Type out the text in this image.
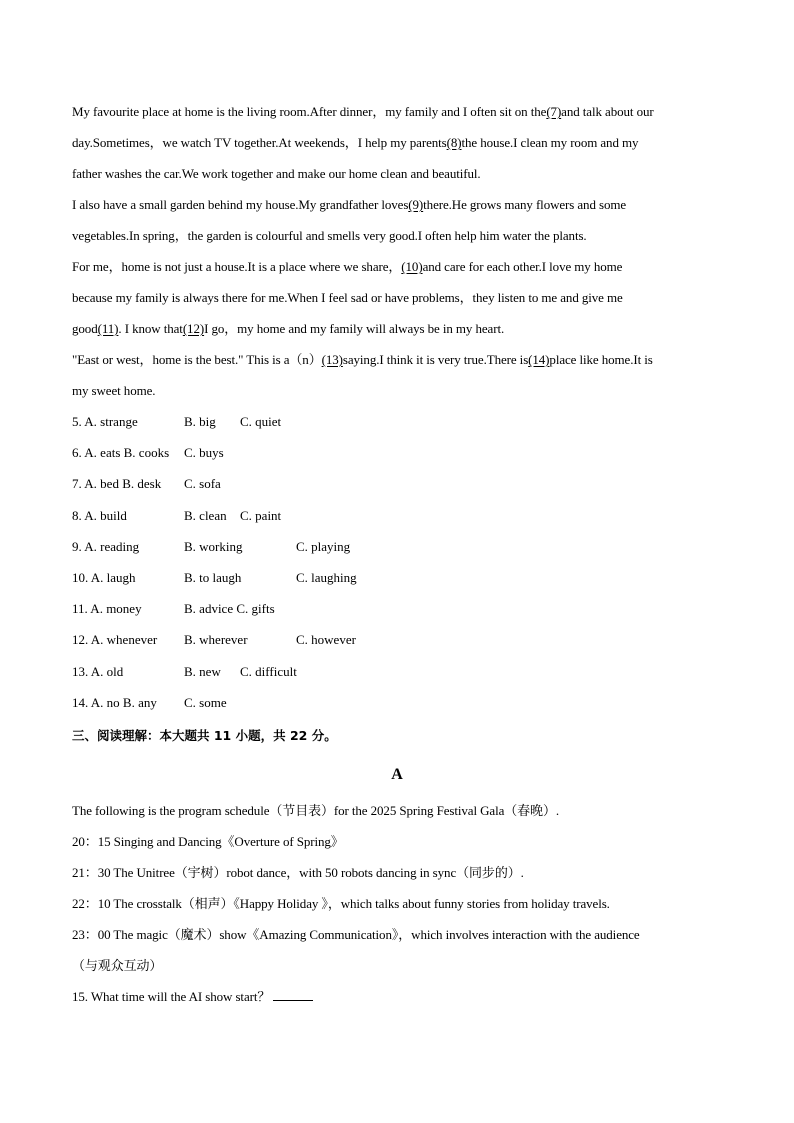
My favourite place at home is the living room.After dinner，my family and I often sit on the(7)and talk about our
day.Sometimes，we watch TV together.At weekends，I help my parents(8)the house.I clean my room and my
father washes the car.We work together and make our home clean and beautiful.
I also have a small garden behind my house.My grandfather loves(9)there.He grows many flowers and some
vegetables.In spring，the garden is colourful and smells very good.I often help him water the plants.
For me，home is not just a house.It is a place where we share，(10)and care for each other.I love my home
because my family is always there for me.When I feel sad or have problems，they listen to me and give me
good(11). I know that(12)I go，my home and my family will always be in my heart.
"East or west，home is the best." This is a（n）(13)saying.I think it is very true.There is(14)place like home.It is
my sweet home.
5. A. strange	B. big C. quiet
6. A. eats B. cooks C. buys
7. A. bed B. desk C. sofa
8. A. build	B. clean C. paint
9. A. reading	B. working	C. playing
10. A. laugh	B. to laugh	C. laughing
11. A. money	B. advice C. gifts
12. A. whenever B. wherever	C. however
13. A. old	B. new C. difficult
14. A. no B. any C. some
三、阅读理解：本大题共 11 小题，共 22 分。
A
The following is the program schedule（节目表）for the 2025 Spring Festival Gala（春晚）.
20：15 Singing and Dancing《Overture of Spring》
21：30 The Unitree（宇树）robot dance，with 50 robots dancing in sync（同步的）.
22：10 The crosstalk（相声）《Happy Holiday 》，which talks about funny stories from holiday travels.
23：00 The magic（魔术）show《Amazing Communication》，which involves interaction with the audience
（与观众互动）
15. What time will the AI show start？
